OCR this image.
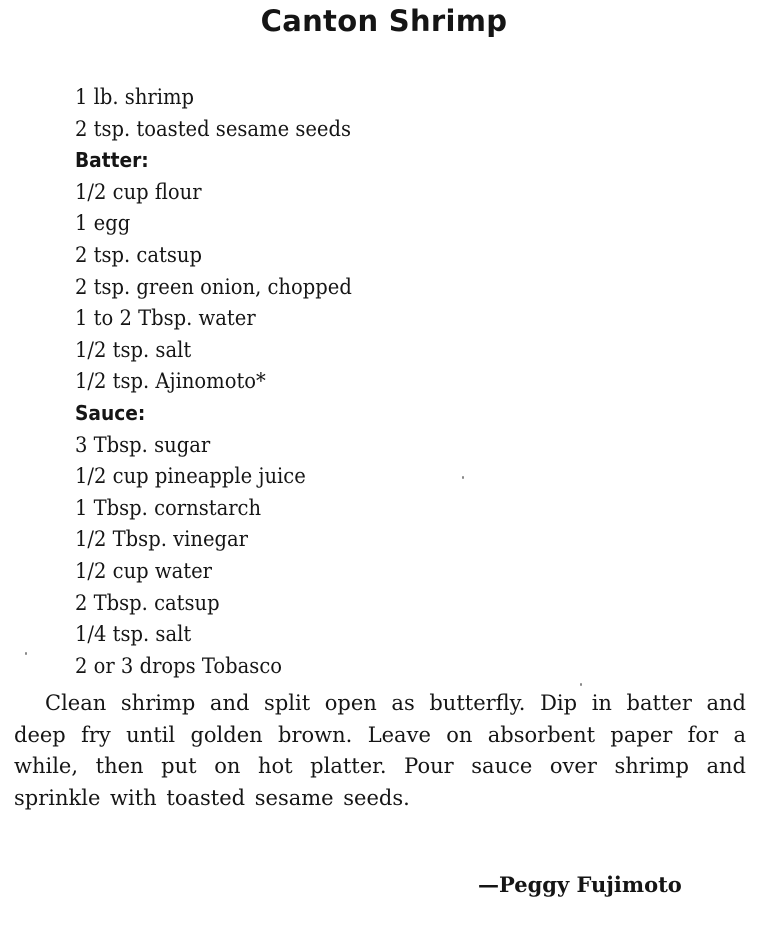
Canton Shrimp
1 lb. shrimp
2 tsp. toasted sesame seeds
Batter:
1/2 cup flour
1 egg
2 tsp. catsup
2 tsp. green onion, chopped
1 to 2 Tbsp. water
1/2 tsp. salt
1/2 tsp. Ajinomoto*
Sauce:
3 Tbsp. sugar
1/2 cup pineapple juice
1 Tbsp. cornstarch
1/2 Tbsp. vinegar
1/2 cup water
2 Tbsp. catsup
1/4 tsp. salt
2 or 3 drops Tobasco

Clean shrimp and split open as butterfly. Dip in batter and deep fry until golden brown. Leave on absorbent paper for a while, then put on hot platter. Pour sauce over shrimp and sprinkle with toasted sesame seeds.

—Peggy Fujimoto
